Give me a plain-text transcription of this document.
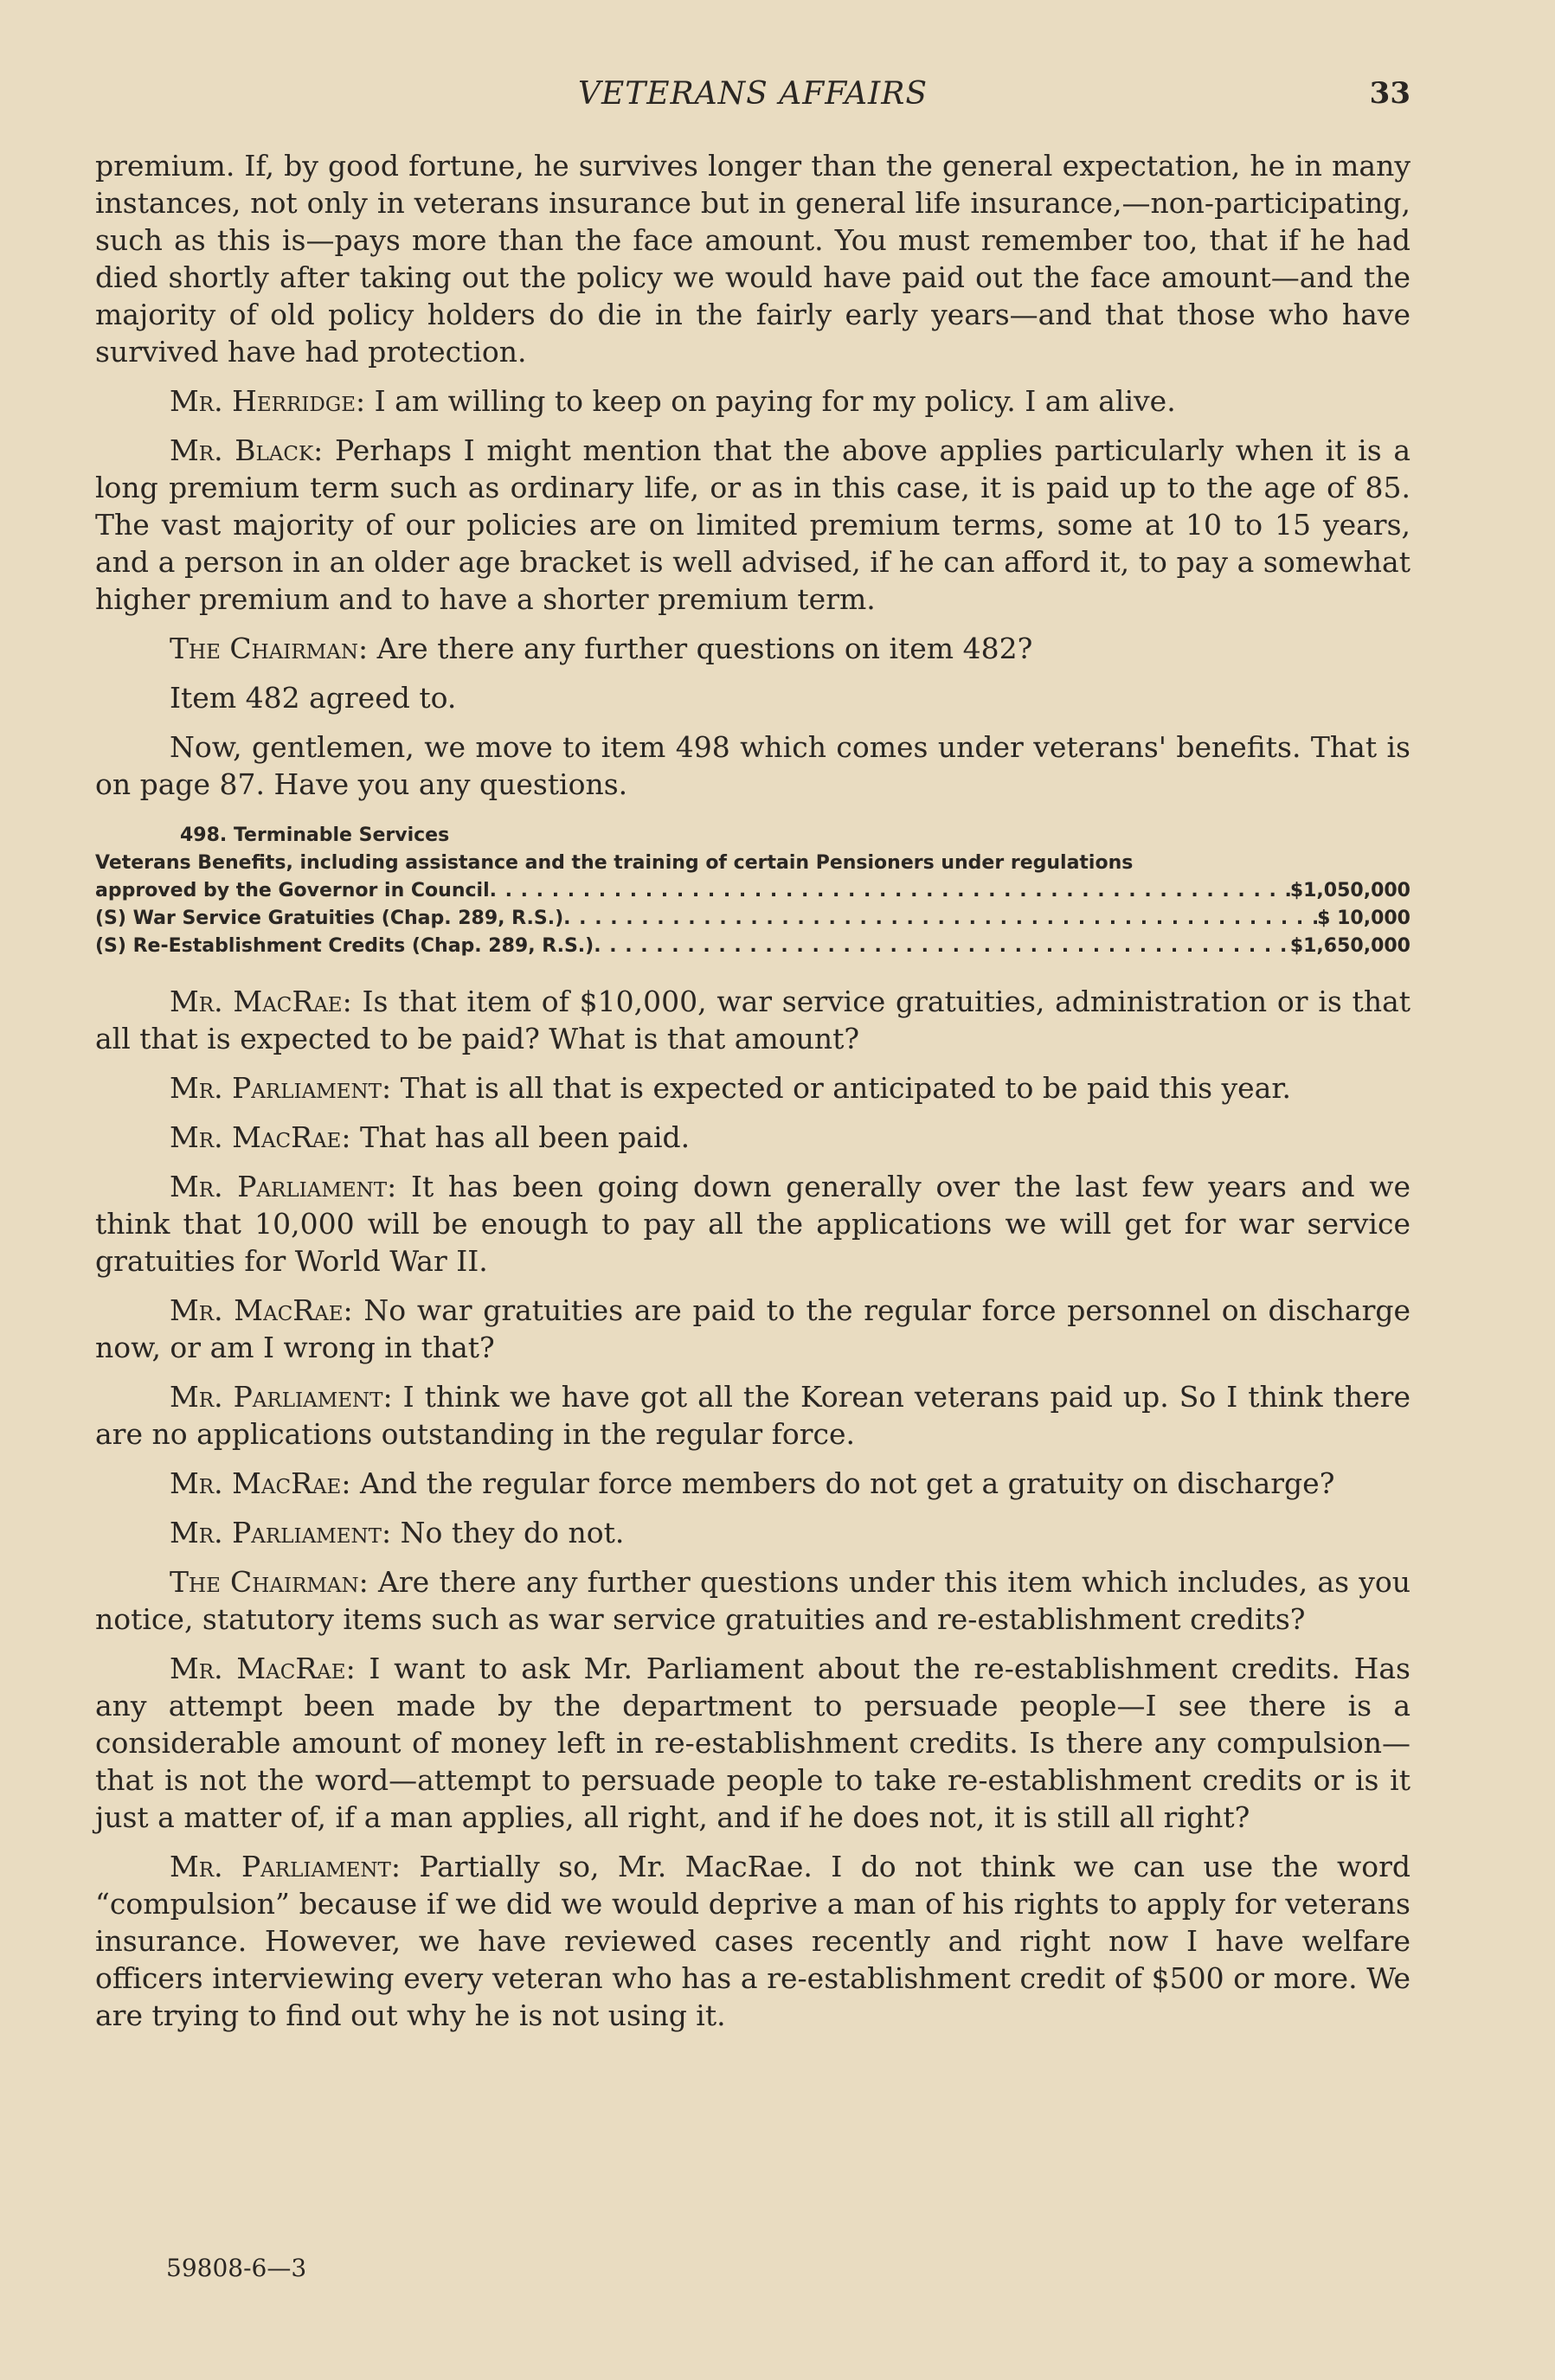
VETERANS AFFAIRS	33

premium. If, by good fortune, he survives longer than the general expectation, he in many instances, not only in veterans insurance but in general life insurance,—non-participating, such as this is—pays more than the face amount. You must remember too, that if he had died shortly after taking out the policy we would have paid out the face amount—and the majority of old policy holders do die in the fairly early years—and that those who have survived have had protection.

Mr. Herridge: I am willing to keep on paying for my policy. I am alive.

Mr. Black: Perhaps I might mention that the above applies particularly when it is a long premium term such as ordinary life, or as in this case, it is paid up to the age of 85. The vast majority of our policies are on limited premium terms, some at 10 to 15 years, and a person in an older age bracket is well advised, if he can afford it, to pay a somewhat higher premium and to have a shorter premium term.

The Chairman: Are there any further questions on item 482?

Item 482 agreed to.

Now, gentlemen, we move to item 498 which comes under veterans' benefits. That is on page 87. Have you any questions.

498. Terminable Services
Veterans Benefits, including assistance and the training of certain Pensioners under regulations
approved by the Governor in Council . . .	$1,050,000
(S) War Service Gratuities (Chap. 289, R.S.) . . .	$ 10,000
(S) Re-Establishment Credits (Chap. 289, R.S.) . . .	$1,650,000

Mr. MacRae: Is that item of $10,000, war service gratuities, administration or is that all that is expected to be paid? What is that amount?

Mr. Parliament: That is all that is expected or anticipated to be paid this year.

Mr. MacRae: That has all been paid.

Mr. Parliament: It has been going down generally over the last few years and we think that 10,000 will be enough to pay all the applications we will get for war service gratuities for World War II.

Mr. MacRae: No war gratuities are paid to the regular force personnel on discharge now, or am I wrong in that?

Mr. Parliament: I think we have got all the Korean veterans paid up. So I think there are no applications outstanding in the regular force.

Mr. MacRae: And the regular force members do not get a gratuity on discharge?

Mr. Parliament: No they do not.

The Chairman: Are there any further questions under this item which includes, as you notice, statutory items such as war service gratuities and re-establishment credits?

Mr. MacRae: I want to ask Mr. Parliament about the re-establishment credits. Has any attempt been made by the department to persuade people—I see there is a considerable amount of money left in re-establishment credits. Is there any compulsion—that is not the word—attempt to persuade people to take re-establishment credits or is it just a matter of, if a man applies, all right, and if he does not, it is still all right?

Mr. Parliament: Partially so, Mr. MacRae. I do not think we can use the word “compulsion” because if we did we would deprive a man of his rights to apply for veterans insurance. However, we have reviewed cases recently and right now I have welfare officers interviewing every veteran who has a re-establishment credit of $500 or more. We are trying to find out why he is not using it.

59808-6—3
